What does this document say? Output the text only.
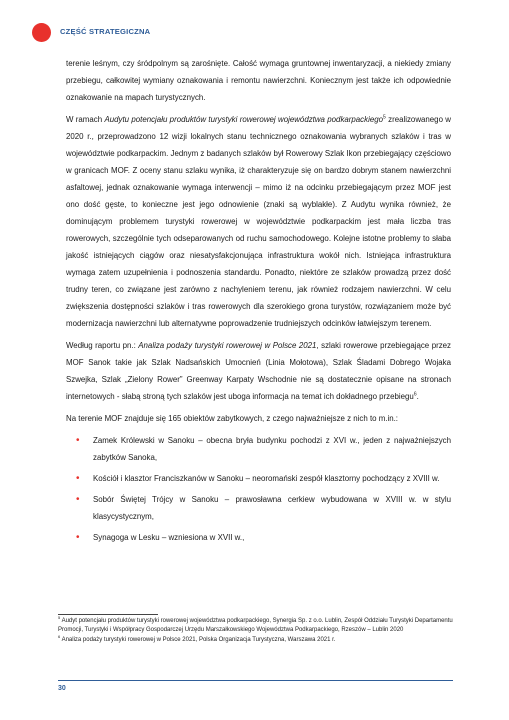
CZĘŚĆ STRATEGICZNA

terenie leśnym, czy śródpolnym są zarośnięte. Całość wymaga gruntownej inwentaryzacji, a niekiedy zmiany przebiegu, całkowitej wymiany oznakowania i remontu nawierzchni. Koniecznym jest także ich odpowiednie oznakowanie na mapach turystycznych.

W ramach Audytu potencjału produktów turystyki rowerowej województwa podkarpackiego$^5$ zrealizowanego w 2020 r., przeprowadzono 12 wizji lokalnych stanu technicznego oznakowania wybranych szlaków i tras w województwie podkarpackim. Jednym z badanych szlaków był Rowerowy Szlak Ikon przebiegający częściowo w granicach MOF. Z oceny stanu szlaku wynika, iż charakteryzuje się on bardzo dobrym stanem nawierzchni asfaltowej, jednak oznakowanie wymaga interwencji – mimo iż na odcinku przebiegającym przez MOF jest ono dość gęste, to konieczne jest jego odnowienie (znaki są wyblakłe). Z Audytu wynika również, że dominującym problemem turystyki rowerowej w województwie podkarpackim jest mała liczba tras rowerowych, szczególnie tych odseparowanych od ruchu samochodowego. Kolejne istotne problemy to słaba jakość istniejących ciągów oraz niesatysfakcjonująca infrastruktura wokół nich. Istniejąca infrastruktura wymaga zatem uzupełnienia i podnoszenia standardu. Ponadto, niektóre ze szlaków prowadzą przez dość trudny teren, co związane jest zarówno z nachyleniem terenu, jak również rodzajem nawierzchni. W celu zwiększenia dostępności szlaków i tras rowerowych dla szerokiego grona turystów, rozwiązaniem może być modernizacja nawierzchni lub alternatywne poprowadzenie trudniejszych odcinków łatwiejszym terenem.

Według raportu pn.: Analiza podaży turystyki rowerowej w Polsce 2021, szlaki rowerowe przebiegające przez MOF Sanok takie jak Szlak Nadsańskich Umocnień (Linia Mołotowa), Szlak Śladami Dobrego Wojaka Szwejka, Szlak „Zielony Rower” Greenway Karpaty Wschodnie nie są dostatecznie opisane na stronach internetowych - słabą stroną tych szlaków jest uboga informacja na temat ich dokładnego przebiegu$^6$.

Na terenie MOF znajduje się 165 obiektów zabytkowych, z czego najważniejsze z nich to m.in.:

• Zamek Królewski w Sanoku – obecna bryła budynku pochodzi z XVI w., jeden z najważniejszych zabytków Sanoka,
• Kościół i klasztor Franciszkanów w Sanoku – neoromański zespół klasztorny pochodzący z XVIII w.
• Sobór Świętej Trójcy w Sanoku – prawosławna cerkiew wybudowana w XVIII w. w stylu klasycystycznym,
• Synagoga w Lesku – wzniesiona w XVII w.,
$^5$ Audyt potencjału produktów turystyki rowerowej województwa podkarpackiego, Synergia Sp. z o.o. Lublin, Zespół Oddziału Turystyki Departamentu Promocji, Turystyki i Współpracy Gospodarczej Urzędu Marszałkowskiego Województwa Podkarpackiego, Rzeszów – Lublin 2020
$^6$ Analiza podaży turystyki rowerowej w Polsce 2021, Polska Organizacja Turystyczna, Warszawa 2021 r.
30
